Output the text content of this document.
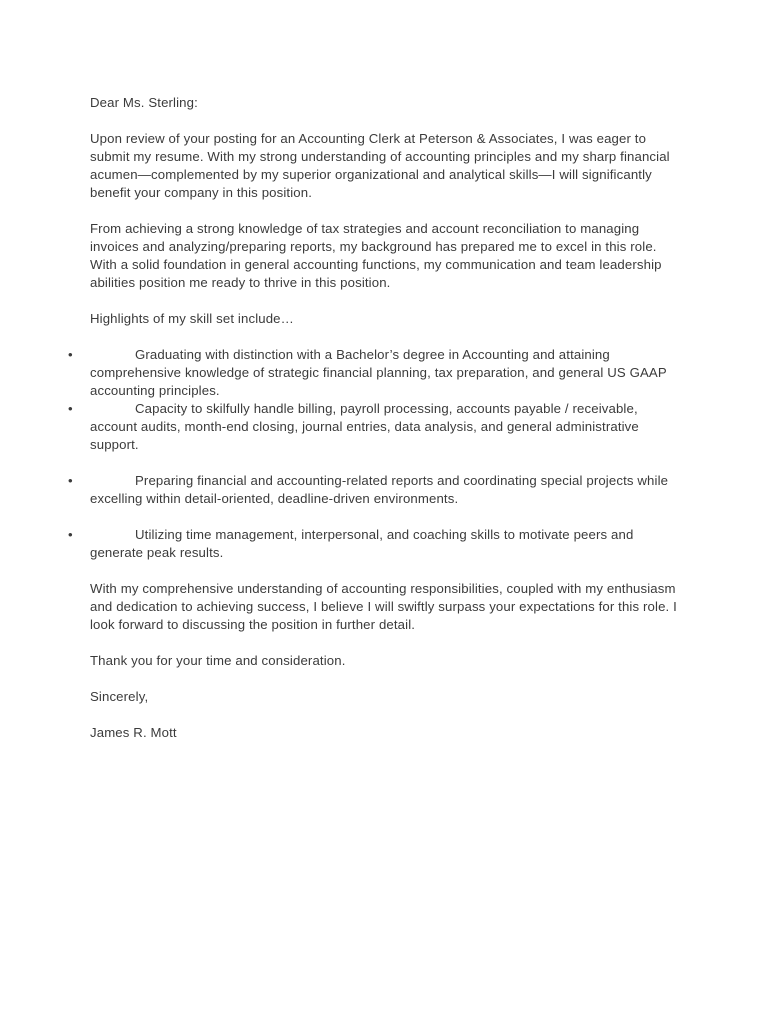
Dear Ms. Sterling:

Upon review of your posting for an Accounting Clerk at Peterson & Associates, I was eager to submit my resume. With my strong understanding of accounting principles and my sharp financial acumen—complemented by my superior organizational and analytical skills—I will significantly benefit your company in this position.

From achieving a strong knowledge of tax strategies and account reconciliation to managing invoices and analyzing/preparing reports, my background has prepared me to excel in this role. With a solid foundation in general accounting functions, my communication and team leadership abilities position me ready to thrive in this position.

Highlights of my skill set include…

•	Graduating with distinction with a Bachelor’s degree in Accounting and attaining comprehensive knowledge of strategic financial planning, tax preparation, and general US GAAP accounting principles.
•	Capacity to skilfully handle billing, payroll processing, accounts payable / receivable, account audits, month-end closing, journal entries, data analysis, and general administrative support.
•	Preparing financial and accounting-related reports and coordinating special projects while excelling within detail-oriented, deadline-driven environments.
•	Utilizing time management, interpersonal, and coaching skills to motivate peers and generate peak results.

With my comprehensive understanding of accounting responsibilities, coupled with my enthusiasm and dedication to achieving success, I believe I will swiftly surpass your expectations for this role. I look forward to discussing the position in further detail.

Thank you for your time and consideration.

Sincerely,

James R. Mott
